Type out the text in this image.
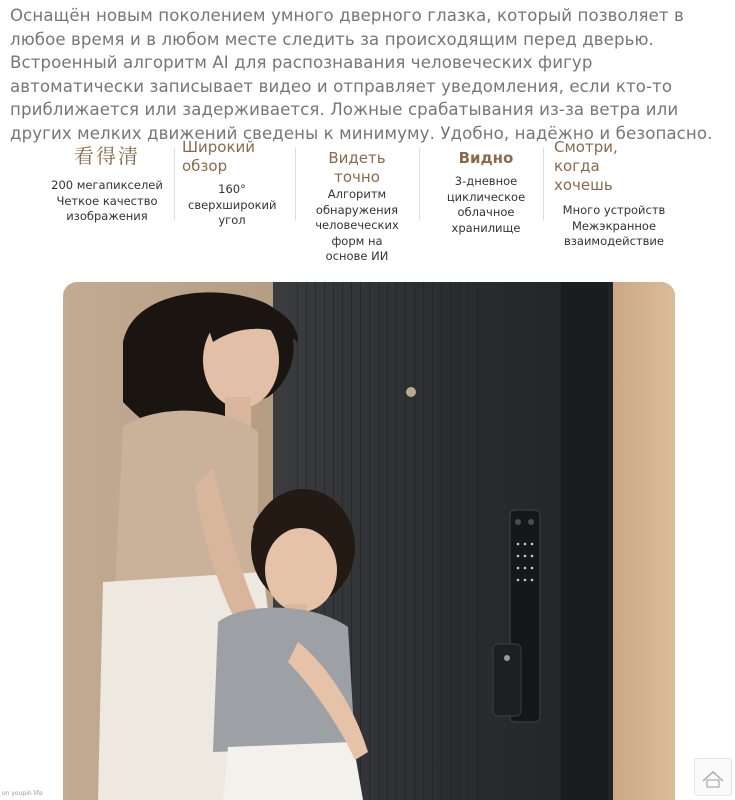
Оснащён новым поколением умного дверного глазка, который позволяет в любое время и в любом месте следить за происходящим перед дверью. Встроенный алгоритм AI для распознавания человеческих фигур автоматически записывает видео и отправляет уведомления, если кто-то приближается или задерживается. Ложные срабатывания из-за ветра или других мелких движений сведены к минимуму. Удобно, надёжно и безопасно.
看得清
200 мегапикселей Четкое качество изображения
Широкий обзор
160° сверхширокий угол
Видеть точно
Алгоритм обнаружения человеческих форм на основе ИИ
Видно
3-дневное циклическое облачное хранилище
Смотри, когда хочешь
Много устройств Межэкранное взаимодействие
on youpin life
